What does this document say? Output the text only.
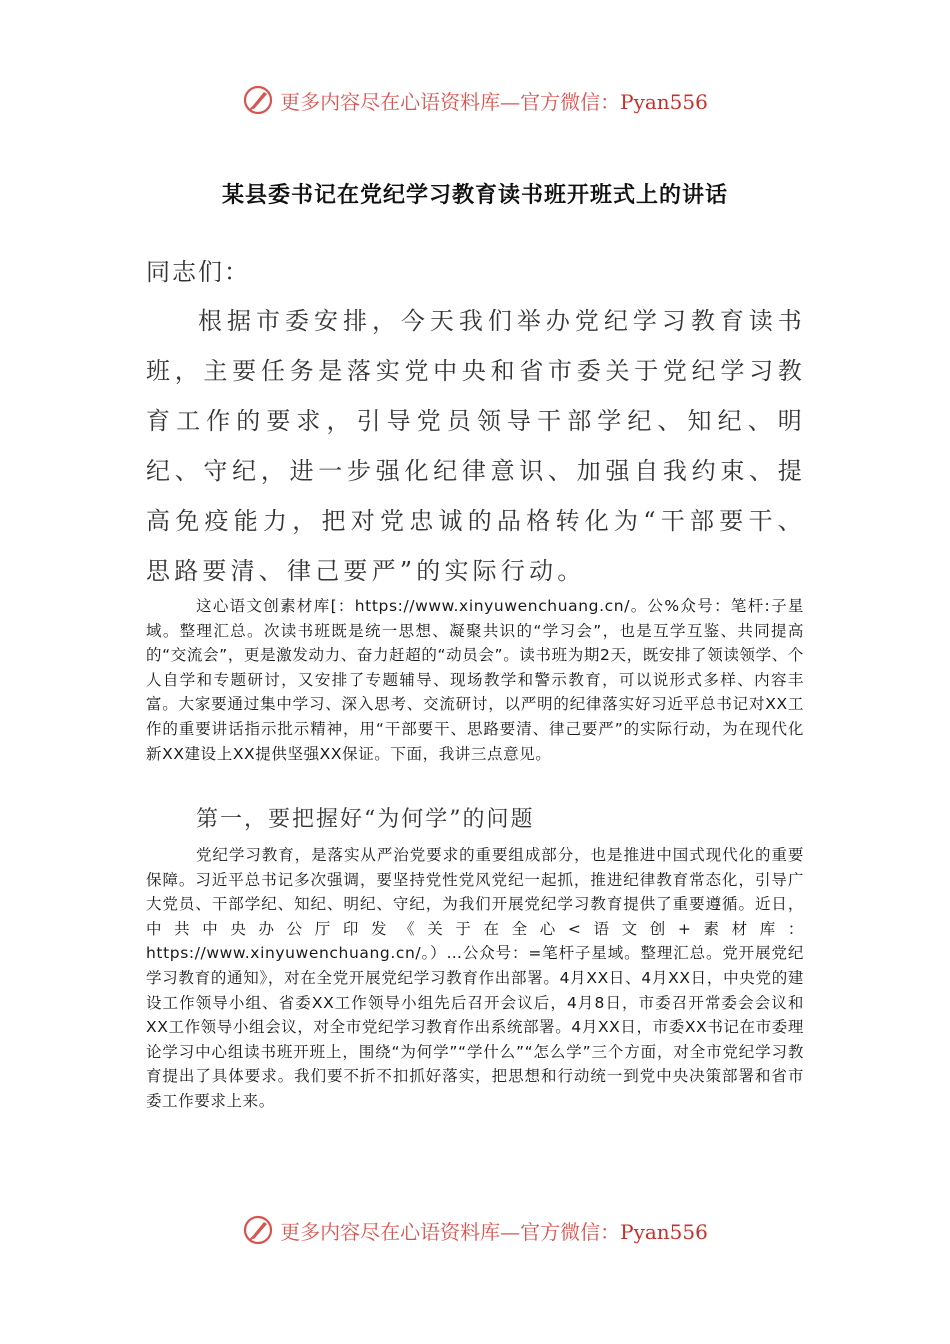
更多内容尽在心语资料库—官方微信：Pyan556
某县委书记在党纪学习教育读书班开班式上的讲话
同志们：
根据市委安排，今天我们举办党纪学习教育读书班，主要任务是落实党中央和省市委关于党纪学习教育工作的要求，引导党员领导干部学纪、知纪、明纪、守纪，进一步强化纪律意识、加强自我约束、提高免疫能力，把对党忠诚的品格转化为“干部要干、思路要清、律己要严”的实际行动。
这心语文创素材库[：https://www.xinyuwenchuang.cn/。公%众号：笔杆:子星域。整理汇总。次读书班既是统一思想、凝聚共识的“学习会”，也是互学互鉴、共同提高的“交流会”，更是激发动力、奋力赶超的“动员会”。读书班为期2天，既安排了领读领学、个人自学和专题研讨，又安排了专题辅导、现场教学和警示教育，可以说形式多样、内容丰富。大家要通过集中学习、深入思考、交流研讨，以严明的纪律落实好习近平总书记对XX工作的重要讲话指示批示精神，用“干部要干、思路要清、律己要严”的实际行动，为在现代化新XX建设上XX提供坚强XX保证。下面，我讲三点意见。
第一，要把握好“为何学”的问题
党纪学习教育，是落实从严治党要求的重要组成部分，也是推进中国式现代化的重要保障。习近平总书记多次强调，要坚持党性党风党纪一起抓，推进纪律教育常态化，引导广大党员、干部学纪、知纪、明纪、守纪，为我们开展党纪学习教育提供了重要遵循。近日，中共中央办公厅印发《关于在全心<语文创+素材库：https://www.xinyuwenchuang.cn/。）…公众号：=笔杆子星域。整理汇总。党开展党纪学习教育的通知》，对在全党开展党纪学习教育作出部署。4月XX日、4月XX日，中央党的建设工作领导小组、省委XX工作领导小组先后召开会议后，4月8日，市委召开常委会会议和XX工作领导小组会议，对全市党纪学习教育作出系统部署。4月XX日，市委XX书记在市委理论学习中心组读书班开班上，围绕“为何学”“学什么”“怎么学”三个方面，对全市党纪学习教育提出了具体要求。我们要不折不扣抓好落实，把思想和行动统一到党中央决策部署和省市委工作要求上来。
更多内容尽在心语资料库—官方微信：Pyan556
